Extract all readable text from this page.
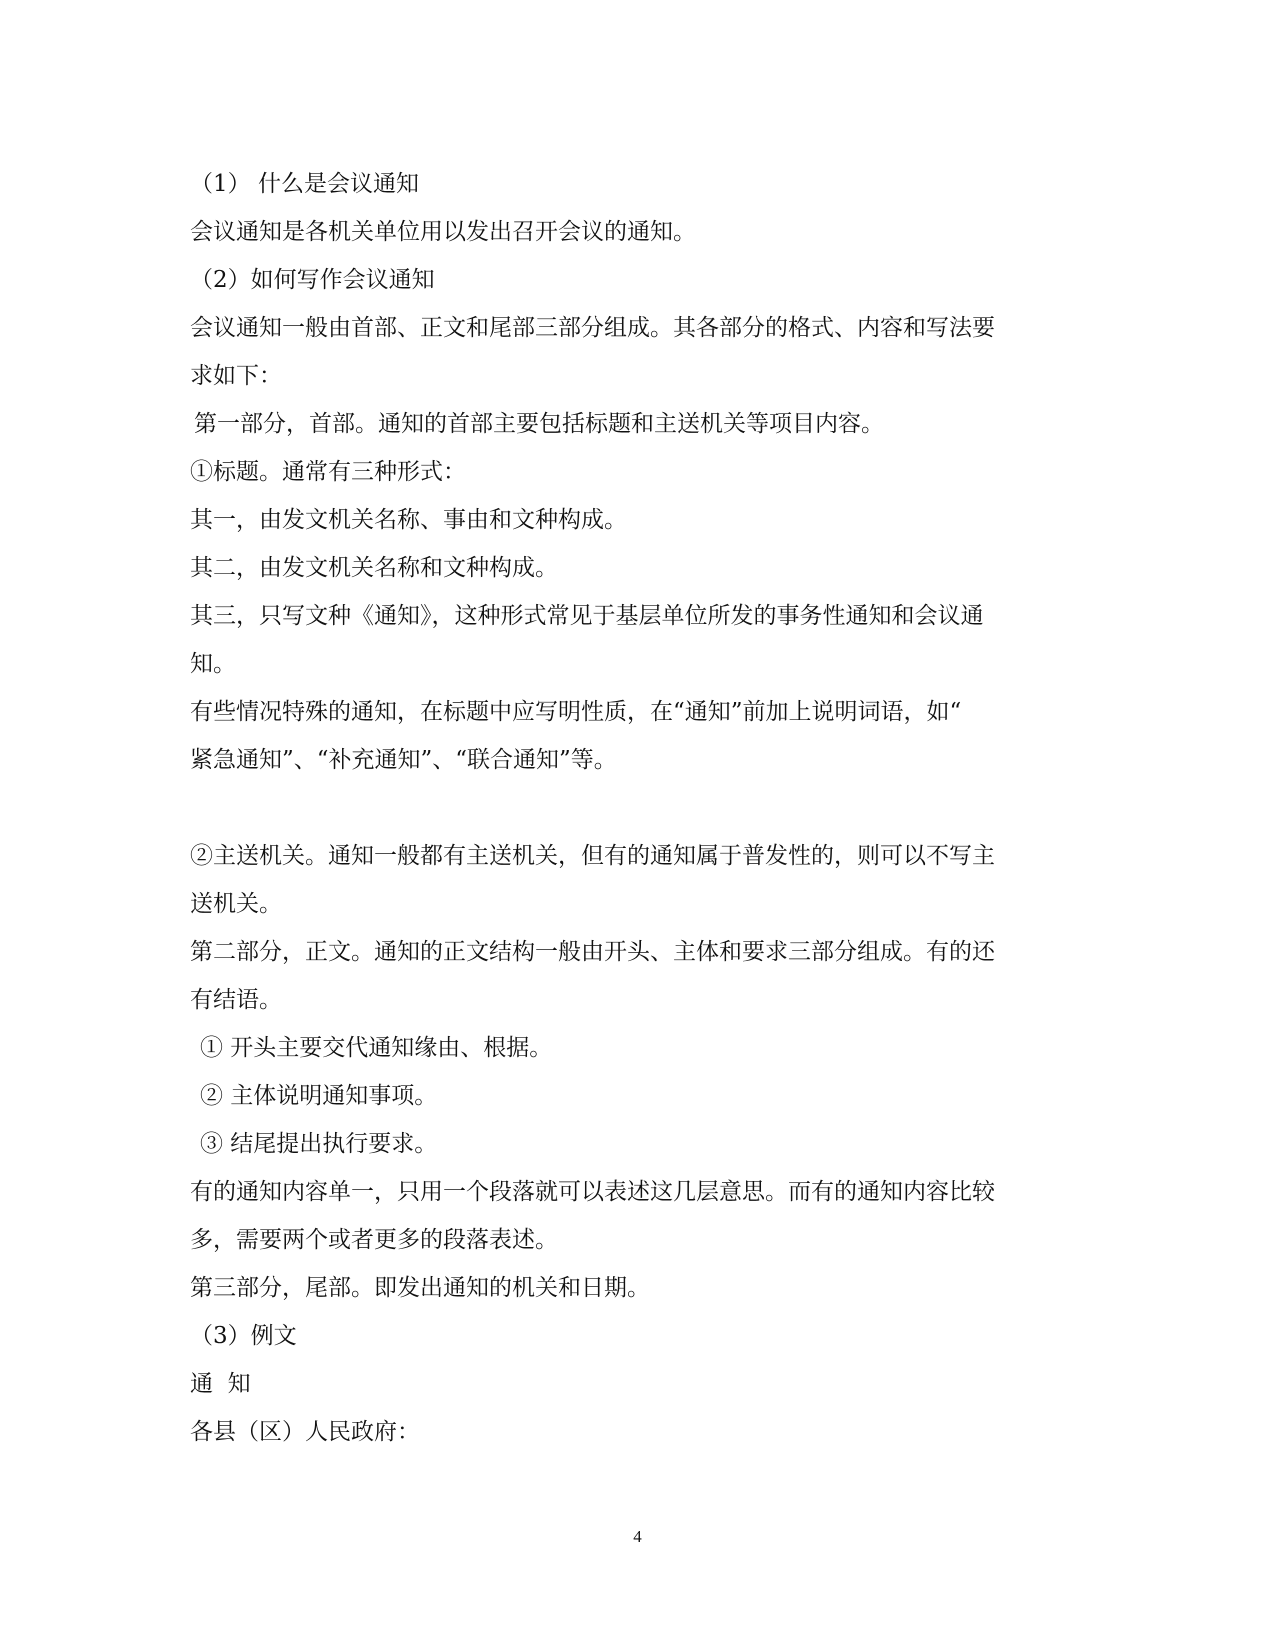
（1） 什么是会议通知
会议通知是各机关单位用以发出召开会议的通知。
（2）如何写作会议通知
会议通知一般由首部、正文和尾部三部分组成。其各部分的格式、内容和写法要
求如下：
第一部分，首部。通知的首部主要包括标题和主送机关等项目内容。
①标题。通常有三种形式：
其一，由发文机关名称、事由和文种构成。
其二，由发文机关名称和文种构成。
其三，只写文种《通知》，这种形式常见于基层单位所发的事务性通知和会议通
知。
有些情况特殊的通知，在标题中应写明性质，在“通知”前加上说明词语，如“
紧急通知”、“补充通知”、“联合通知”等。
②主送机关。通知一般都有主送机关，但有的通知属于普发性的，则可以不写主
送机关。
第二部分，正文。通知的正文结构一般由开头、主体和要求三部分组成。有的还
有结语。
① 开头主要交代通知缘由、根据。
② 主体说明通知事项。
③ 结尾提出执行要求。
有的通知内容单一，只用一个段落就可以表述这几层意思。而有的通知内容比较
多，需要两个或者更多的段落表述。
第三部分，尾部。即发出通知的机关和日期。
（3）例文
通  知
各县（区）人民政府：
4
